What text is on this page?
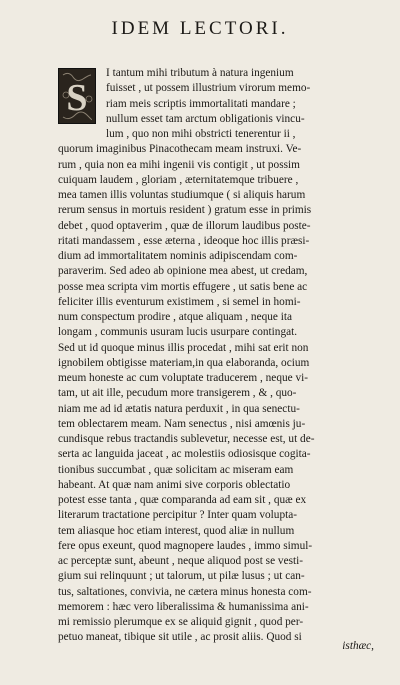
IDEM LECTORI.
S
I tantum mihi tributum à natura ingenium
fuisset , ut possem illustrium virorum memo-
riam meis scriptis immortalitati mandare ;
nullum esset tam arctum obligationis vincu-
lum , quo non mihi obstricti tenerentur ii ,
quorum imaginibus Pinacothecam meam instruxi. Ve-
rum , quia non ea mihi ingenii vis contigit , ut possim
cuiquam laudem , gloriam , æternitatemque tribuere ,
mea tamen illis voluntas studiumque ( si aliquis harum
rerum sensus in mortuis resident ) gratum esse in primis
debet , quod optaverim , quæ de illorum laudibus poste-
ritati mandassem , esse æterna , ideoque hoc illis præsi-
dium ad immortalitatem nominis adipiscendam com-
paraverim. Sed adeo ab opinione mea abest, ut credam,
posse mea scripta vim mortis effugere , ut satis bene ac
feliciter illis eventurum existimem , si semel in homi-
num conspectum prodire , atque aliquam , neque ita
longam , communis usuram lucis usurpare contingat.
Sed ut id quoque minus illis procedat , mihi sat erit non
ignobilem obtigisse materiam,in qua elaboranda, ocium
meum honeste ac cum voluptate traducerem , neque vi-
tam, ut ait ille, pecudum more transigerem , & , quo-
niam me ad id ætatis natura perduxit , in qua senectu-
tem oblectarem meam. Nam senectus , nisi amœnis ju-
cundisque rebus tractandis sublevetur, necesse est, ut de-
serta ac languida jaceat , ac molestiis odiosisque cogita-
tionibus succumbat , quæ solicitam ac miseram eam
habeant. At quæ nam animi sive corporis oblectatio
potest esse tanta , quæ comparanda ad eam sit , quæ ex
literarum tractatione percipitur ? Inter quam volupta-
tem aliasque hoc etiam interest, quod aliæ in nullum
fere opus exeunt, quod magnopere laudes , immo simul-
ac perceptæ sunt, abeunt , neque aliquod post se vesti-
gium sui relinquunt ; ut talorum, ut pilæ lusus ; ut can-
tus, saltationes, convivia, ne cætera minus honesta com-
memorem : hæc vero liberalissima & humanissima ani-
mi remissio plerumque ex se aliquid gignit , quod per-
petuo maneat, tibique sit utile , ac prosit aliis. Quod si
isthæc,
